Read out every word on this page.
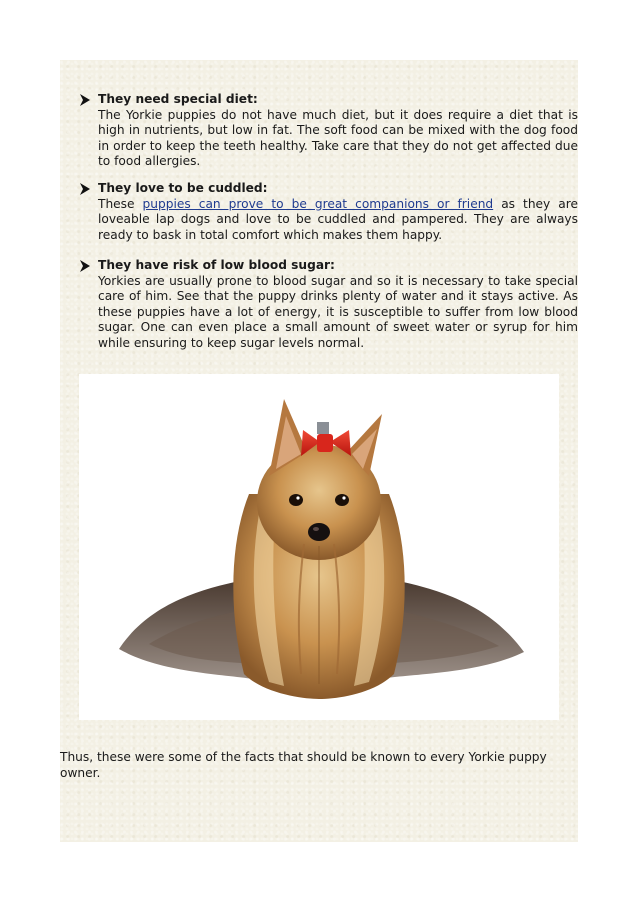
They need special diet:
The Yorkie puppies do not have much diet, but it does require a diet that is high in nutrients, but low in fat. The soft food can be mixed with the dog food in order to keep the teeth healthy. Take care that they do not get affected due to food allergies.
They love to be cuddled:
These puppies can prove to be great companions or friend as they are loveable lap dogs and love to be cuddled and pampered. They are always ready to bask in total comfort which makes them happy.
They have risk of low blood sugar:
Yorkies are usually prone to blood sugar and so it is necessary to take special care of him. See that the puppy drinks plenty of water and it stays active. As these puppies have a lot of energy, it is susceptible to suffer from low blood sugar. One can even place a small amount of sweet water or syrup for him while ensuring to keep sugar levels normal.
Thus, these were some of the facts that should be known to every Yorkie puppy owner.
